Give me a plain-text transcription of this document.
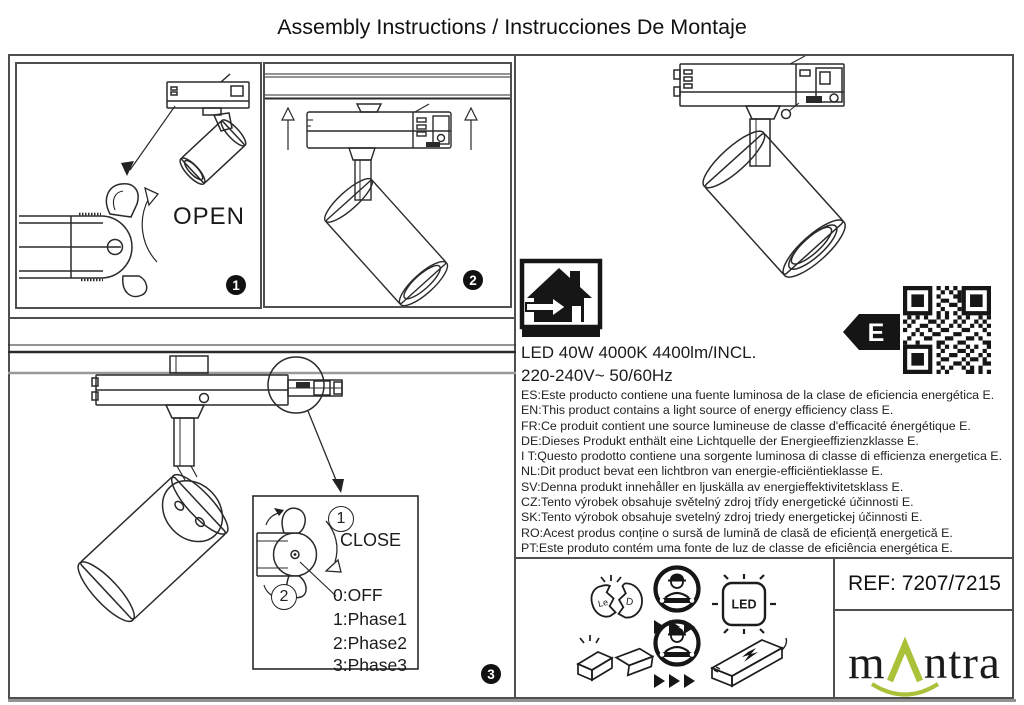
Assembly Instructions / Instrucciones De Montaje
OPEN
1	2
1
CLOSE
2	0:OFF
1:Phase1
2:Phase2
3:Phase3	3
E
LED 40W 4000K 4400lm/INCL.
220-240V~ 50/60Hz
ES:Este producto contiene una fuente luminosa de la clase de eficiencia energética E.
EN:This product contains a light source of energy efficiency class E.
FR:Ce produit contient une source lumineuse de classe d'efficacité énergétique E.
DE:Dieses Produkt enthält eine Lichtquelle der Energieeffizienzklasse E.
I T:Questo prodotto contiene una sorgente luminosa di classe di efficienza energetica E.
NL:Dit product bevat een lichtbron van energie-efficiëntieklasse E.
SV:Denna produkt innehåller en ljuskälla av energieffektivitetsklass E.
CZ:Tento výrobek obsahuje světelný zdroj třídy energetické účinnosti E.
SK:Tento výrobok obsahuje svetelný zdroj triedy energetickej účinnosti E.
RO:Acest produs conține o sursă de lumină de clasă de eficiență energetică E.
PT:Este produto contém uma fonte de luz de classe de eficiência energética E.
Le D	LED
REF: 7207/7215
m ntra
